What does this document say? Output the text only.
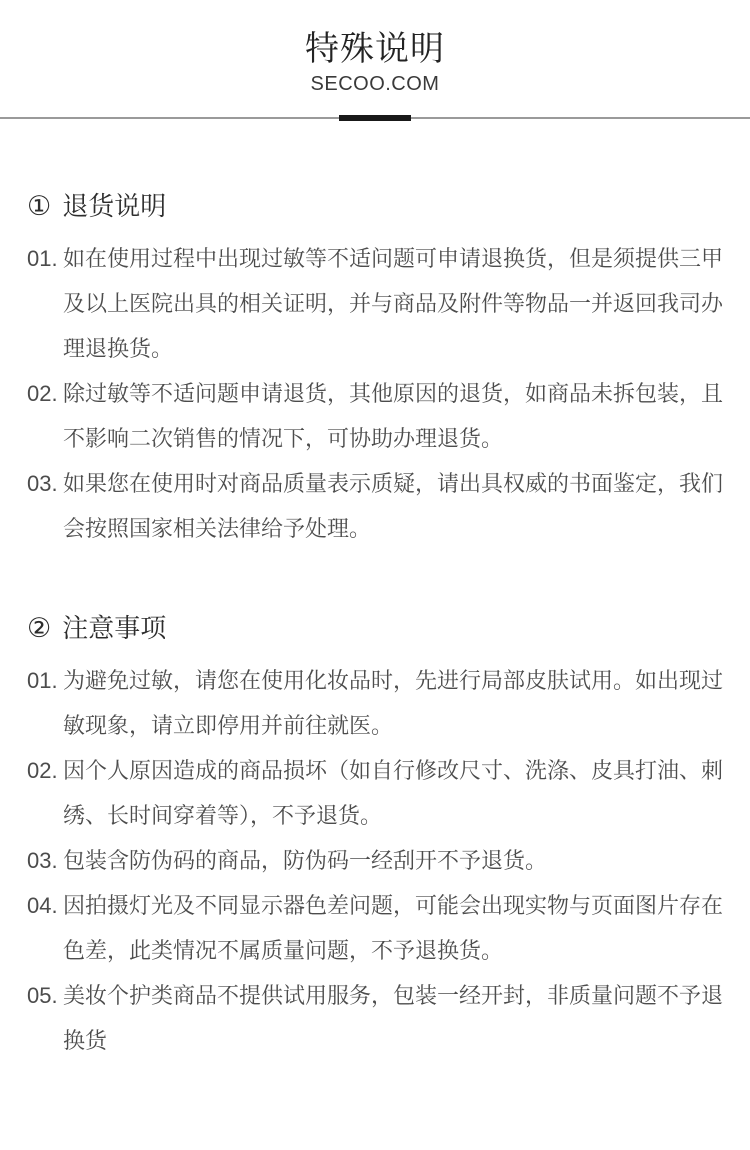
特殊说明
SECOO.COM
① 退货说明
01. 如在使用过程中出现过敏等不适问题可申请退换货，但是须提供三甲及以上医院出具的相关证明，并与商品及附件等物品一并返回我司办理退换货。
02. 除过敏等不适问题申请退货，其他原因的退货，如商品未拆包装，且不影响二次销售的情况下，可协助办理退货。
03. 如果您在使用时对商品质量表示质疑，请出具权威的书面鉴定，我们会按照国家相关法律给予处理。
② 注意事项
01. 为避免过敏，请您在使用化妆品时，先进行局部皮肤试用。如出现过敏现象，请立即停用并前往就医。
02. 因个人原因造成的商品损坏（如自行修改尺寸、洗涤、皮具打油、刺绣、长时间穿着等），不予退货。
03. 包装含防伪码的商品，防伪码一经刮开不予退货。
04. 因拍摄灯光及不同显示器色差问题，可能会出现实物与页面图片存在色差，此类情况不属质量问题，不予退换货。
05. 美妆个护类商品不提供试用服务，包装一经开封，非质量问题不予退换货
